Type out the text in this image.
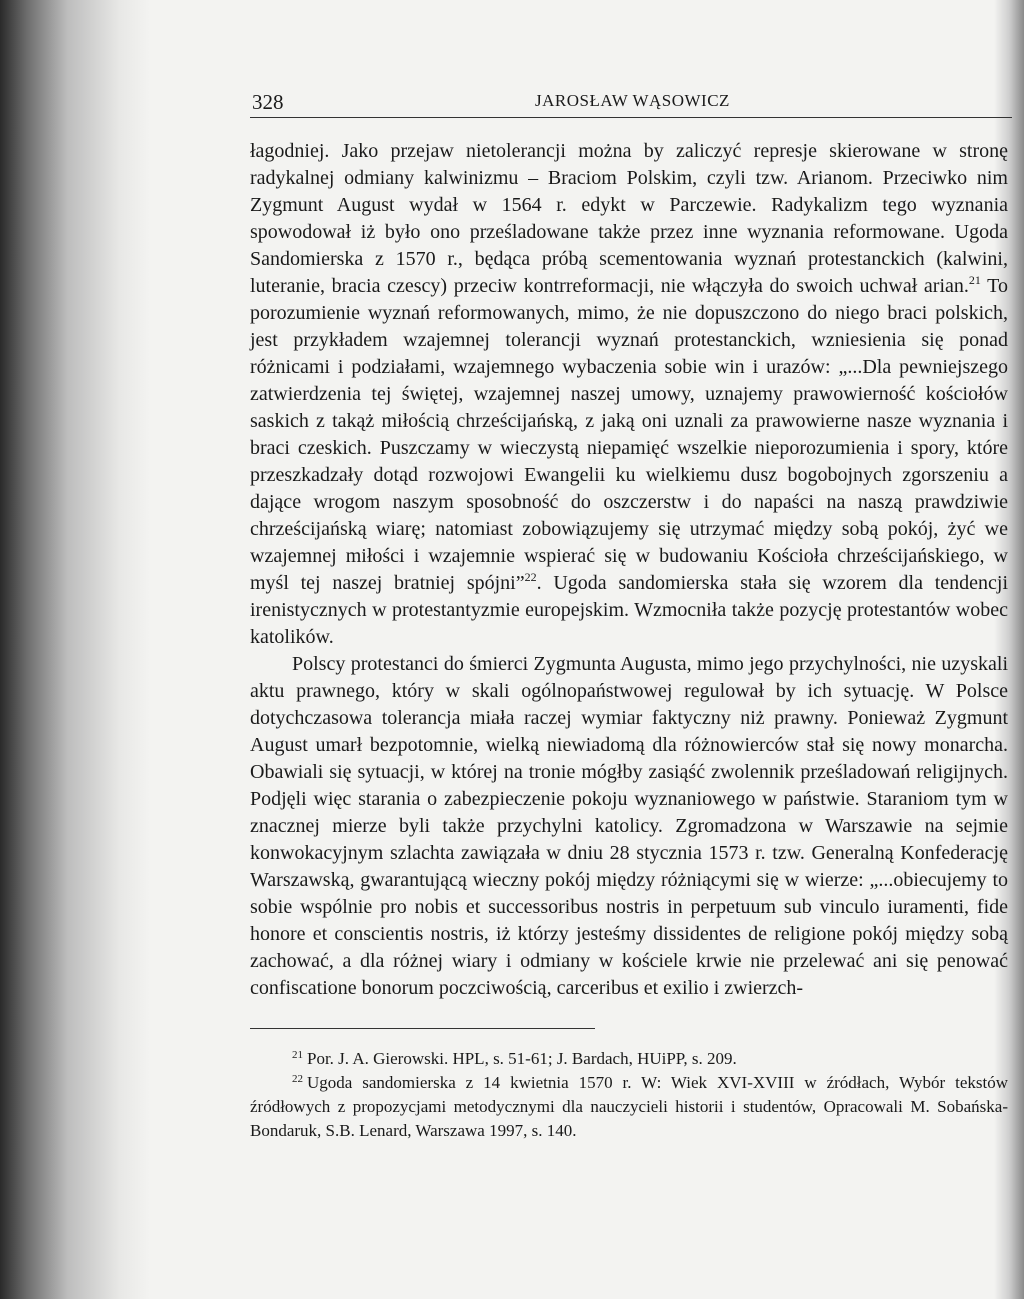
328	JAROSŁAW WĄSOWICZ

łagodniej. Jako przejaw nietolerancji można by zaliczyć represje skierowane w stronę radykalnej odmiany kalwinizmu – Braciom Polskim, czyli tzw. Arianom. Przeciwko nim Zygmunt August wydał w 1564 r. edykt w Parczewie. Radykalizm tego wyznania spowodował iż było ono prześladowane także przez inne wyznania reformowane. Ugoda Sandomierska z 1570 r., będąca próbą scementowania wyznań protestanckich (kalwini, luteranie, bracia czescy) przeciw kontrreformacji, nie włączyła do swoich uchwał arian.$^{21}$ To porozumienie wyznań reformowanych, mimo, że nie dopuszczono do niego braci polskich, jest przykładem wzajemnej tolerancji wyznań protestanckich, wzniesienia się ponad różnicami i podziałami, wzajemnego wybaczenia sobie win i urazów: „...Dla pewniejszego zatwierdzenia tej świętej, wzajemnej naszej umowy, uznajemy prawowierność kościołów saskich z takąż miłością chrześcijańską, z jaką oni uznali za prawowierne nasze wyznania i braci czeskich. Puszczamy w wieczystą niepamięć wszelkie nieporozumienia i spory, które przeszkadzały dotąd rozwojowi Ewangelii ku wielkiemu dusz bogobojnych zgorszeniu a dające wrogom naszym sposobność do oszczerstw i do napaści na naszą prawdziwie chrześcijańską wiarę; natomiast zobowiązujemy się utrzymać między sobą pokój, żyć we wzajemnej miłości i wzajemnie wspierać się w budowaniu Kościoła chrześcijańskiego, w myśl tej naszej bratniej spójni”$^{22}$. Ugoda sandomierska stała się wzorem dla tendencji irenistycznych w protestantyzmie europejskim. Wzmocniła także pozycję protestantów wobec katolików.

Polscy protestanci do śmierci Zygmunta Augusta, mimo jego przychylności, nie uzyskali aktu prawnego, który w skali ogólnopaństwowej regulował by ich sytuację. W Polsce dotychczasowa tolerancja miała raczej wymiar faktyczny niż prawny. Ponieważ Zygmunt August umarł bezpotomnie, wielką niewiadomą dla różnowierców stał się nowy monarcha. Obawiali się sytuacji, w której na tronie mógłby zasiąść zwolennik prześladowań religijnych. Podjęli więc starania o zabezpieczenie pokoju wyznaniowego w państwie. Staraniom tym w znacznej mierze byli także przychylni katolicy. Zgromadzona w Warszawie na sejmie konwokacyjnym szlachta zawiązała w dniu 28 stycznia 1573 r. tzw. Generalną Konfederację Warszawską, gwarantującą wieczny pokój między różniącymi się w wierze: „...obiecujemy to sobie wspólnie pro nobis et successoribus nostris in perpetuum sub vinculo iuramenti, fide honore et conscientis nostris, iż którzy jesteśmy dissidentes de religione pokój między sobą zachować, a dla różnej wiary i odmiany w kościele krwie nie przelewać ani się penować confiscatione bonorum poczciwością, carceribus et exilio i zwierzch-

$^{21}$ Por. J. A. Gierowski. HPL, s. 51-61; J. Bardach, HUiPP, s. 209.

$^{22}$ Ugoda sandomierska z 14 kwietnia 1570 r. W: Wiek XVI-XVIII w źródłach, Wybór tekstów źródłowych z propozycjami metodycznymi dla nauczycieli historii i studentów, Opracowali M. Sobańska-Bondaruk, S.B. Lenard, Warszawa 1997, s. 140.
